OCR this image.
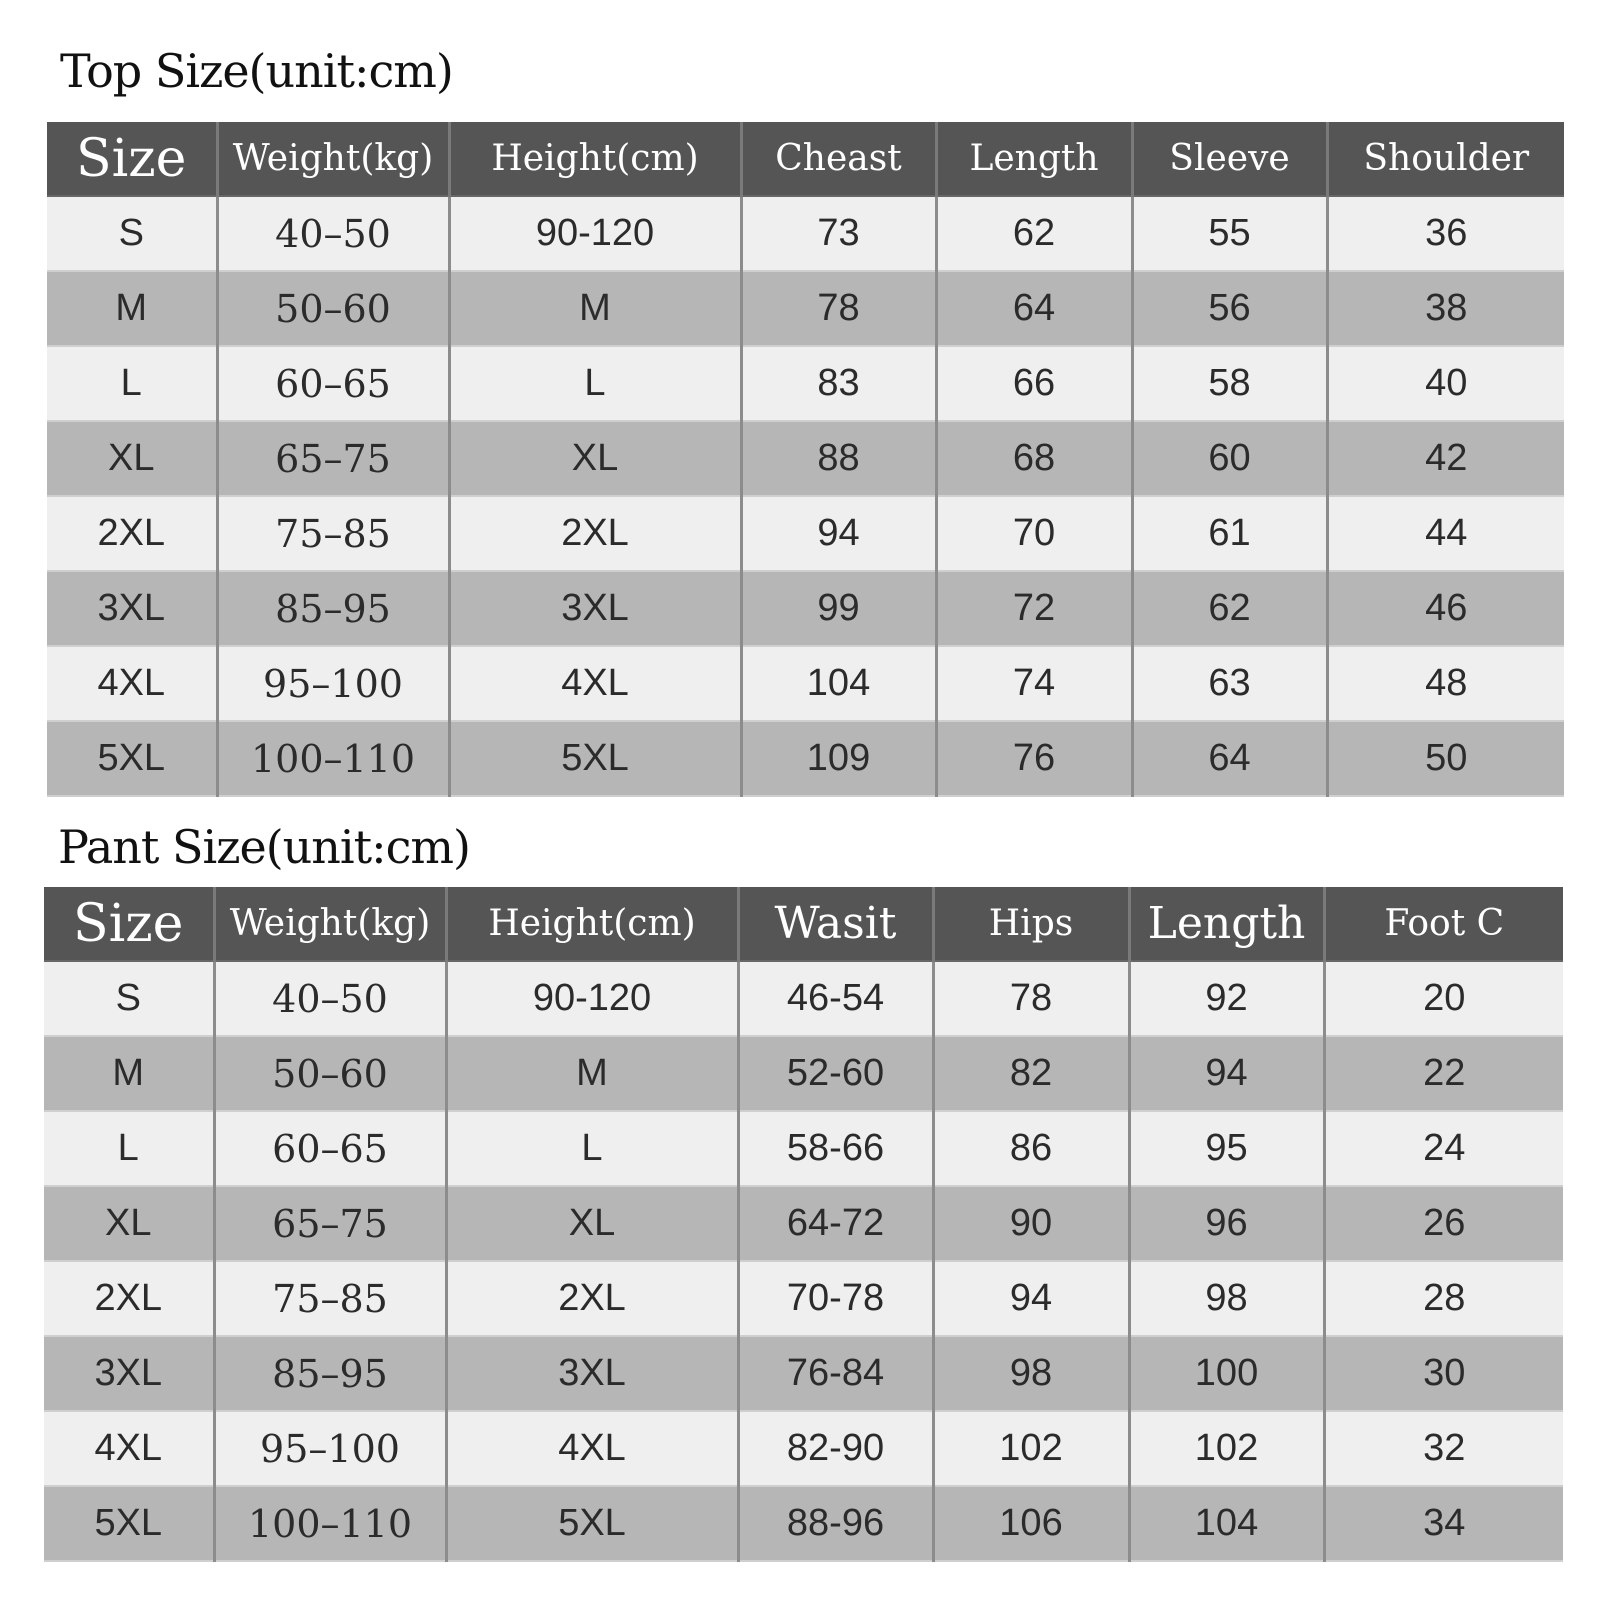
Top Size(unit:cm)
Size	Weight(kg)	Height(cm)	Cheast	Length	Sleeve	Shoulder
S	40–50	90-120	73	62	55	36
M	50–60	M	78	64	56	38
L	60–65	L	83	66	58	40
XL	65–75	XL	88	68	60	42
2XL	75–85	2XL	94	70	61	44
3XL	85–95	3XL	99	72	62	46
4XL	95–100	4XL	104	74	63	48
5XL	100–110	5XL	109	76	64	50
Pant Size(unit:cm)
Size	Weight(kg)	Height(cm)	Wasit	Hips	Length	Foot C
S	40–50	90-120	46-54	78	92	20
M	50–60	M	52-60	82	94	22
L	60–65	L	58-66	86	95	24
XL	65–75	XL	64-72	90	96	26
2XL	75–85	2XL	70-78	94	98	28
3XL	85–95	3XL	76-84	98	100	30
4XL	95–100	4XL	82-90	102	102	32
5XL	100–110	5XL	88-96	106	104	34
